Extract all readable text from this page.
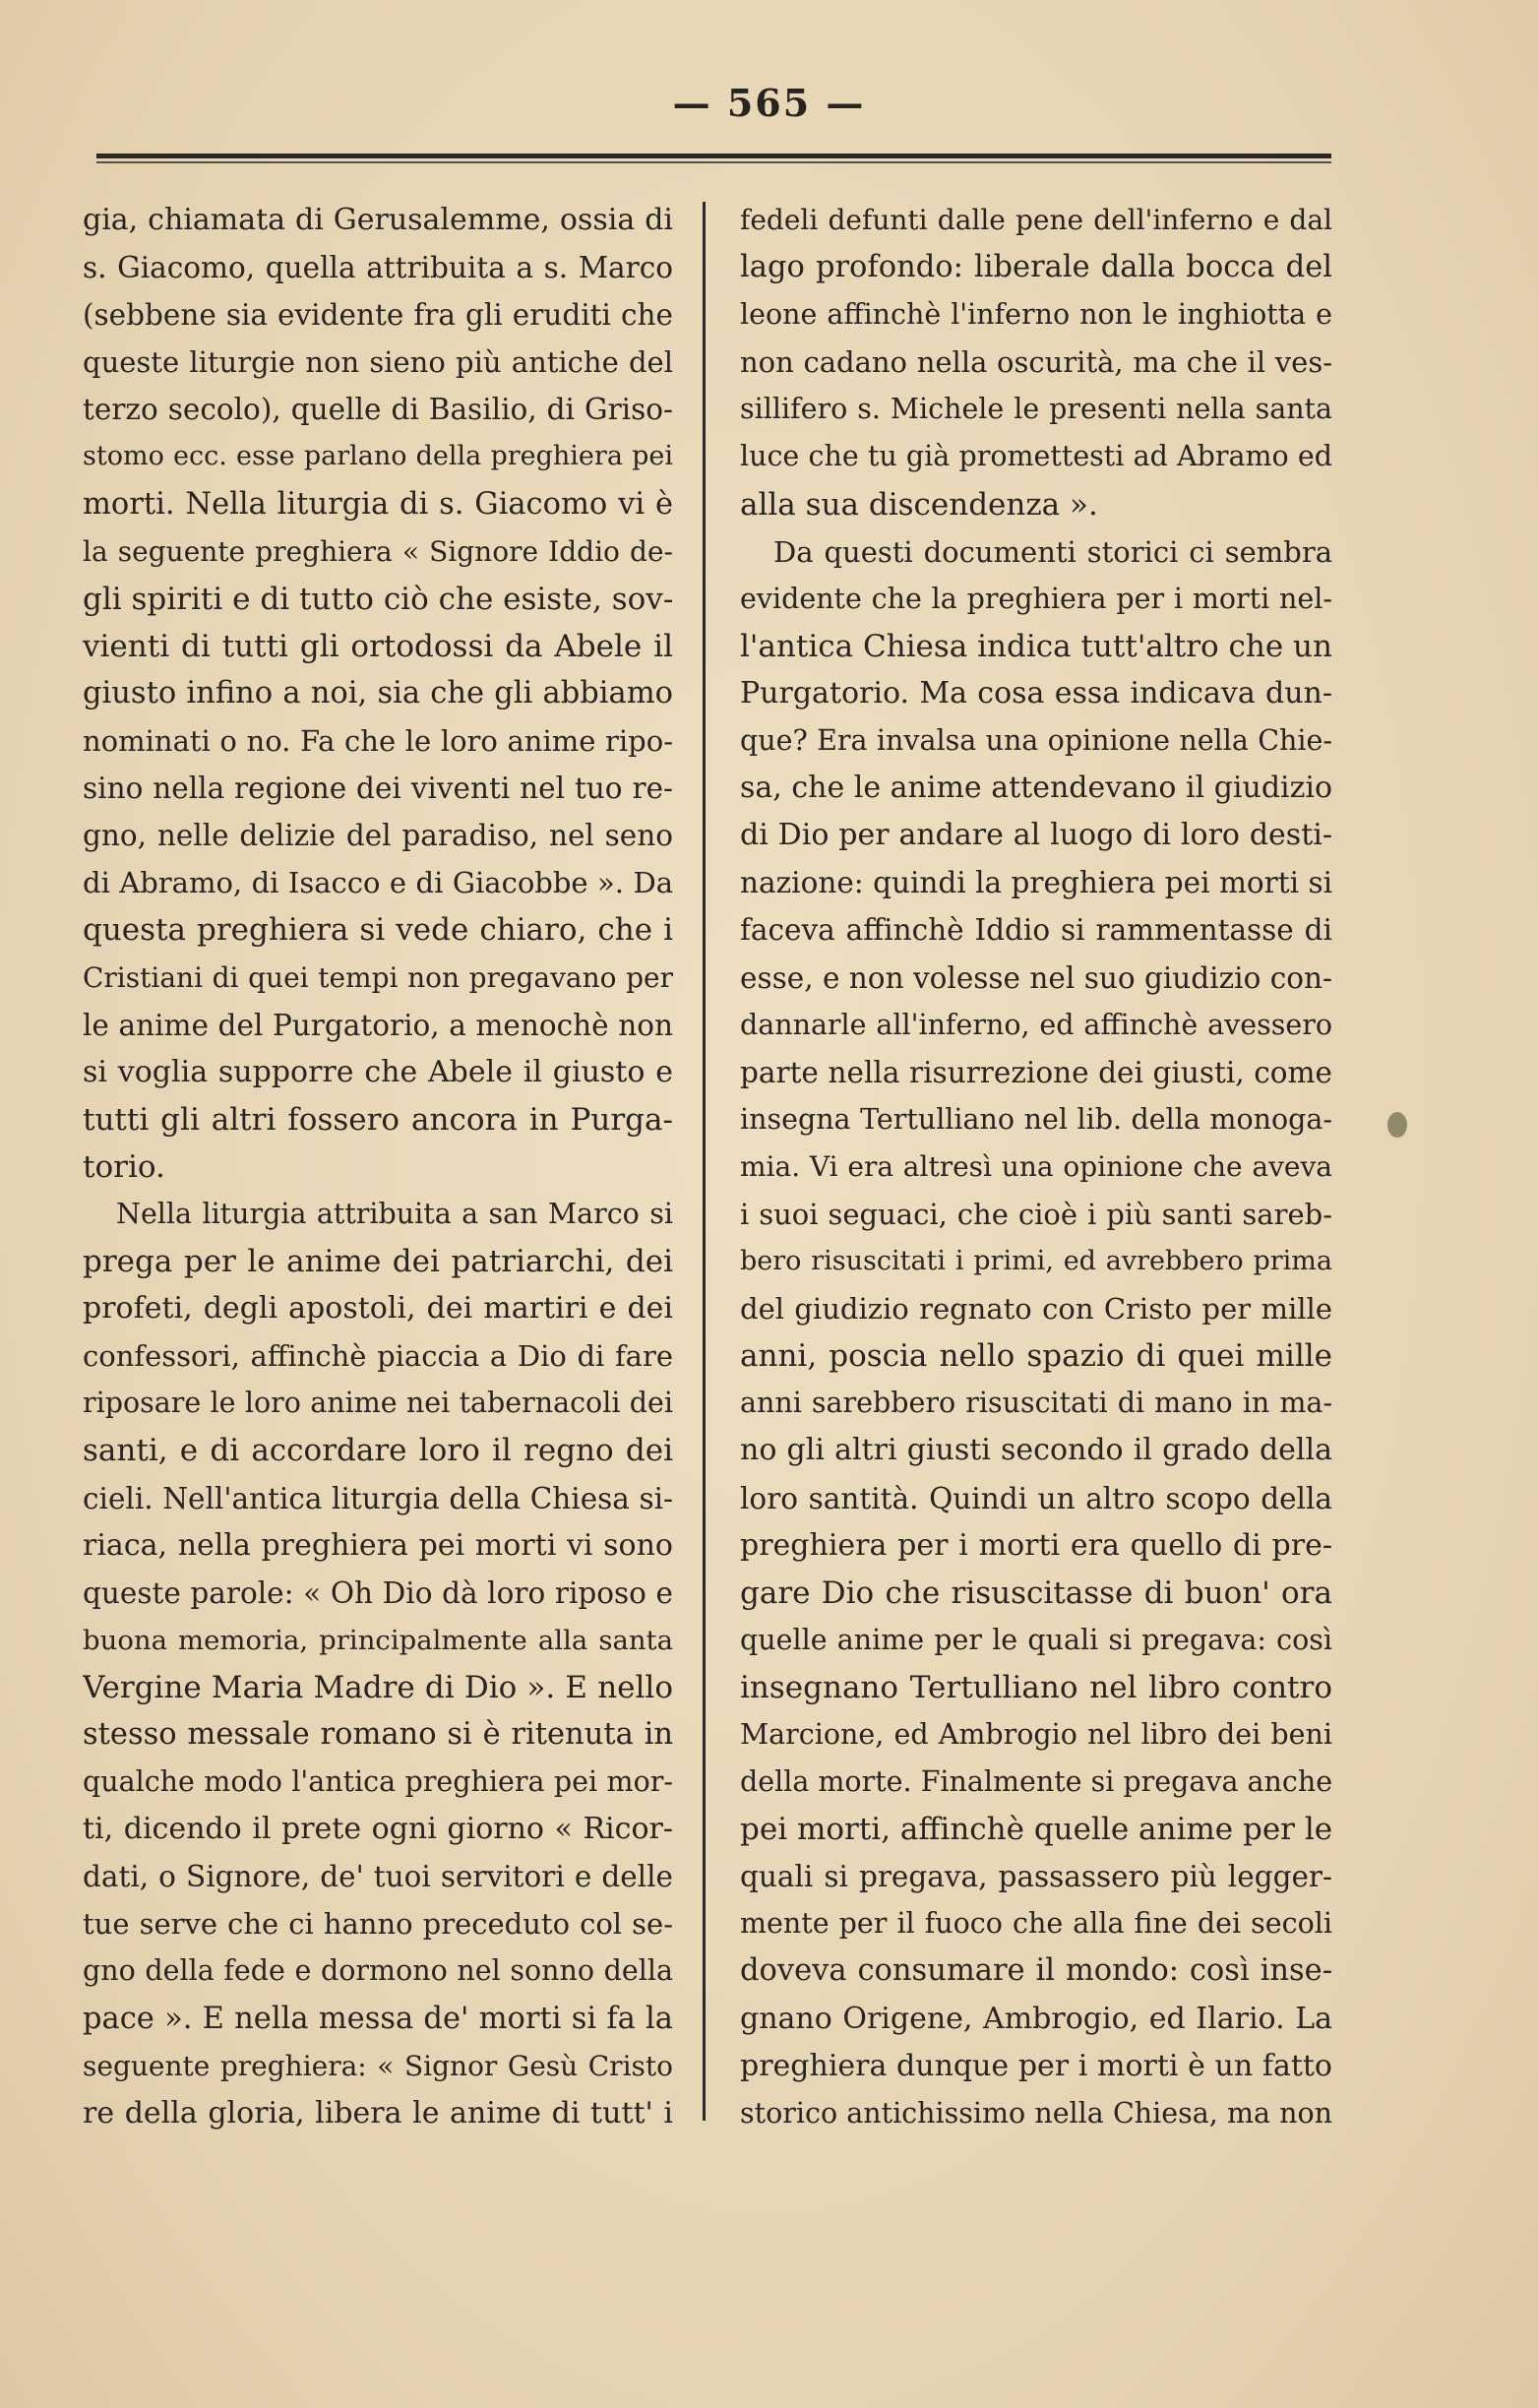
— 565 —
gia, chiamata di Gerusalemme, ossia di
s. Giacomo, quella attribuita a s. Marco
(sebbene sia evidente fra gli eruditi che
queste liturgie non sieno più antiche del
terzo secolo), quelle di Basilio, di Griso-
stomo ecc. esse parlano della preghiera pei
morti. Nella liturgia di s. Giacomo vi è
la seguente preghiera « Signore Iddio de-
gli spiriti e di tutto ciò che esiste, sov-
vienti di tutti gli ortodossi da Abele il
giusto infino a noi, sia che gli abbiamo
nominati o no. Fa che le loro anime ripo-
sino nella regione dei viventi nel tuo re-
gno, nelle delizie del paradiso, nel seno
di Abramo, di Isacco e di Giacobbe ». Da
questa preghiera si vede chiaro, che i
Cristiani di quei tempi non pregavano per
le anime del Purgatorio, a menochè non
si voglia supporre che Abele il giusto e
tutti gli altri fossero ancora in Purga-
torio.
Nella liturgia attribuita a san Marco si
prega per le anime dei patriarchi, dei
profeti, degli apostoli, dei martiri e dei
confessori, affinchè piaccia a Dio di fare
riposare le loro anime nei tabernacoli dei
santi, e di accordare loro il regno dei
cieli. Nell'antica liturgia della Chiesa si-
riaca, nella preghiera pei morti vi sono
queste parole: « Oh Dio dà loro riposo e
buona memoria, principalmente alla santa
Vergine Maria Madre di Dio ». E nello
stesso messale romano si è ritenuta in
qualche modo l'antica preghiera pei mor-
ti, dicendo il prete ogni giorno « Ricor-
dati, o Signore, de' tuoi servitori e delle
tue serve che ci hanno preceduto col se-
gno della fede e dormono nel sonno della
pace ». E nella messa de' morti si fa la
seguente preghiera: « Signor Gesù Cristo
re della gloria, libera le anime di tutt' i
fedeli defunti dalle pene dell'inferno e dal
lago profondo: liberale dalla bocca del
leone affinchè l'inferno non le inghiotta e
non cadano nella oscurità, ma che il ves-
sillifero s. Michele le presenti nella santa
luce che tu già promettesti ad Abramo ed
alla sua discendenza ».
Da questi documenti storici ci sembra
evidente che la preghiera per i morti nel-
l'antica Chiesa indica tutt'altro che un
Purgatorio. Ma cosa essa indicava dun-
que? Era invalsa una opinione nella Chie-
sa, che le anime attendevano il giudizio
di Dio per andare al luogo di loro desti-
nazione: quindi la preghiera pei morti si
faceva affinchè Iddio si rammentasse di
esse, e non volesse nel suo giudizio con-
dannarle all'inferno, ed affinchè avessero
parte nella risurrezione dei giusti, come
insegna Tertulliano nel lib. della monoga-
mia. Vi era altresì una opinione che aveva
i suoi seguaci, che cioè i più santi sareb-
bero risuscitati i primi, ed avrebbero prima
del giudizio regnato con Cristo per mille
anni, poscia nello spazio di quei mille
anni sarebbero risuscitati di mano in ma-
no gli altri giusti secondo il grado della
loro santità. Quindi un altro scopo della
preghiera per i morti era quello di pre-
gare Dio che risuscitasse di buon' ora
quelle anime per le quali si pregava: così
insegnano Tertulliano nel libro contro
Marcione, ed Ambrogio nel libro dei beni
della morte. Finalmente si pregava anche
pei morti, affinchè quelle anime per le
quali si pregava, passassero più legger-
mente per il fuoco che alla fine dei secoli
doveva consumare il mondo: così inse-
gnano Origene, Ambrogio, ed Ilario. La
preghiera dunque per i morti è un fatto
storico antichissimo nella Chiesa, ma non
